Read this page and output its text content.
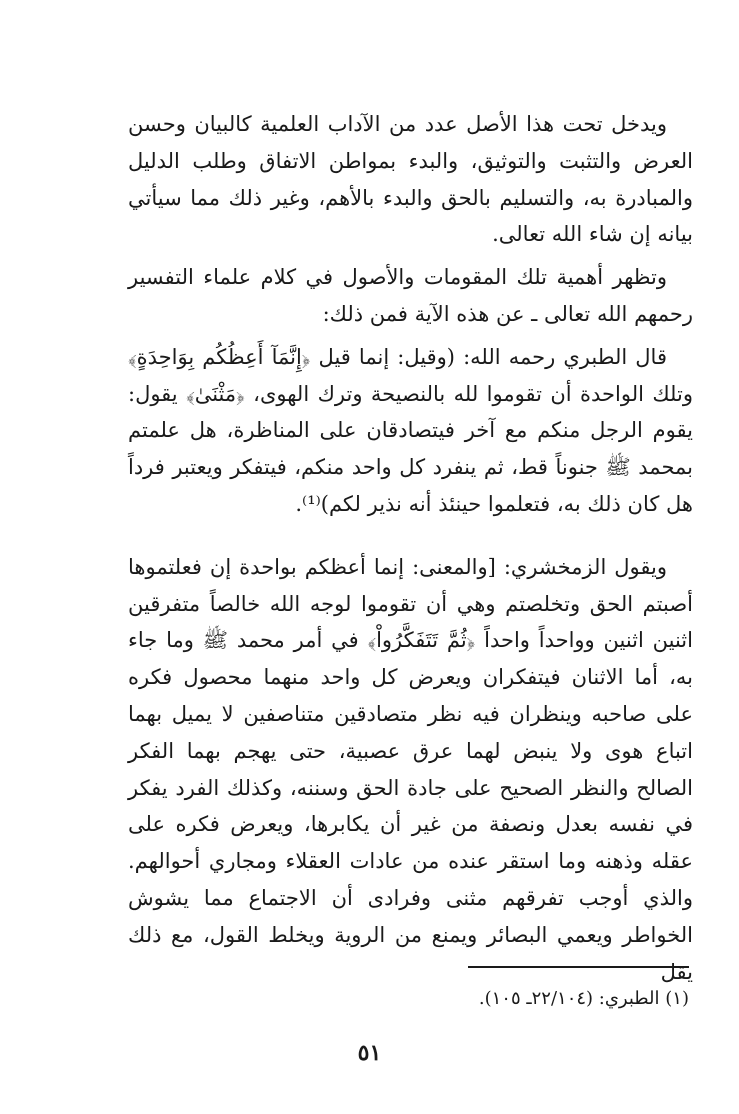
ويدخل تحت هذا الأصل عدد من الآداب العلمية كالبيان وحسن العرض والتثبت والتوثيق، والبدء بمواطن الاتفاق وطلب الدليل والمبادرة به، والتسليم بالحق والبدء بالأهم، وغير ذلك مما سيأتي بيانه إن شاء الله تعالى.

وتظهر أهمية تلك المقومات والأصول في كلام علماء التفسير رحمهم الله تعالى ـ عن هذه الآية فمن ذلك:

قال الطبري رحمه الله: (وقيل: إنما قيل ﴿إِنَّمَآ أَعِظُكُم بِوَاحِدَةٍ﴾ وتلك الواحدة أن تقوموا لله بالنصيحة وترك الهوى، ﴿مَثْنَىٰ﴾ يقول: يقوم الرجل منكم مع آخر فيتصادقان على المناظرة، هل علمتم بمحمد ﷺ جنوناً قط، ثم ينفرد كل واحد منكم، فيتفكر ويعتبر فرداً هل كان ذلك به، فتعلموا حينئذ أنه نذير لكم)⁽¹⁾.

ويقول الزمخشري: [والمعنى: إنما أعظكم بواحدة إن فعلتموها أصبتم الحق وتخلصتم وهي أن تقوموا لوجه الله خالصاً متفرقين اثنين اثنين وواحداً واحداً ﴿ثُمَّ تَتَفَكَّرُواْ﴾ في أمر محمد ﷺ وما جاء به، أما الاثنان فيتفكران ويعرض كل واحد منهما محصول فكره على صاحبه وينظران فيه نظر متصادقين متناصفين لا يميل بهما اتباع هوى ولا ينبض لهما عرق عصبية، حتى يهجم بهما الفكر الصالح والنظر الصحيح على جادة الحق وسننه، وكذلك الفرد يفكر في نفسه بعدل ونصفة من غير أن يكابرها، ويعرض فكره على عقله وذهنه وما استقر عنده من عادات العقلاء ومجاري أحوالهم. والذي أوجب تفرقهم مثنى وفرادى أن الاجتماع مما يشوش الخواطر ويعمي البصائر ويمنع من الروية ويخلط القول، مع ذلك يقل

(١) الطبري: (٢٢/١٠٤ـ ١٠٥).
٥١
